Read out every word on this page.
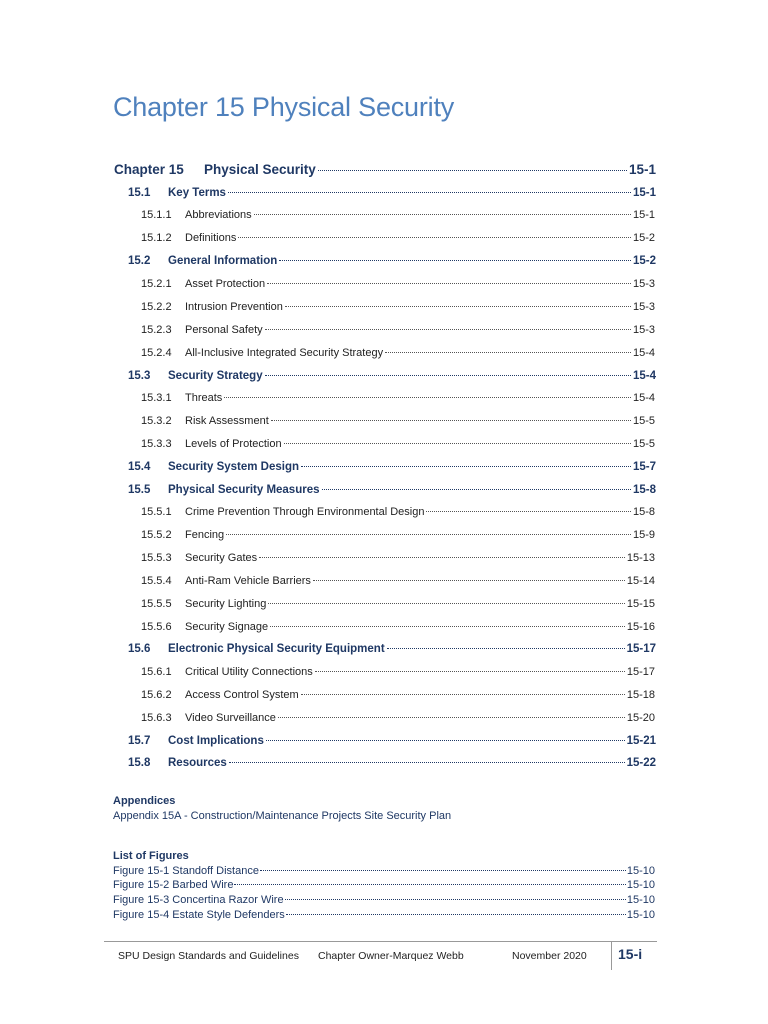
Chapter 15 Physical Security
Chapter 15	Physical Security	15-1
15.1	Key Terms	15-1
15.1.1	Abbreviations	15-1
15.1.2	Definitions	15-2
15.2	General Information	15-2
15.2.1	Asset Protection	15-3
15.2.2	Intrusion Prevention	15-3
15.2.3	Personal Safety	15-3
15.2.4	All-Inclusive Integrated Security Strategy	15-4
15.3	Security Strategy	15-4
15.3.1	Threats	15-4
15.3.2	Risk Assessment	15-5
15.3.3	Levels of Protection	15-5
15.4	Security System Design	15-7
15.5	Physical Security Measures	15-8
15.5.1	Crime Prevention Through Environmental Design	15-8
15.5.2	Fencing	15-9
15.5.3	Security Gates	15-13
15.5.4	Anti-Ram Vehicle Barriers	15-14
15.5.5	Security Lighting	15-15
15.5.6	Security Signage	15-16
15.6	Electronic Physical Security Equipment	15-17
15.6.1	Critical Utility Connections	15-17
15.6.2	Access Control System	15-18
15.6.3	Video Surveillance	15-20
15.7	Cost Implications	15-21
15.8	Resources	15-22
Appendices
Appendix 15A - Construction/Maintenance Projects Site Security Plan
List of Figures
Figure 15-1 Standoff Distance	15-10
Figure 15-2 Barbed Wire	15-10
Figure 15-3 Concertina Razor Wire	15-10
Figure 15-4 Estate Style Defenders	15-10
SPU Design Standards and Guidelines Chapter Owner-Marquez Webb	November 2020 15-i
